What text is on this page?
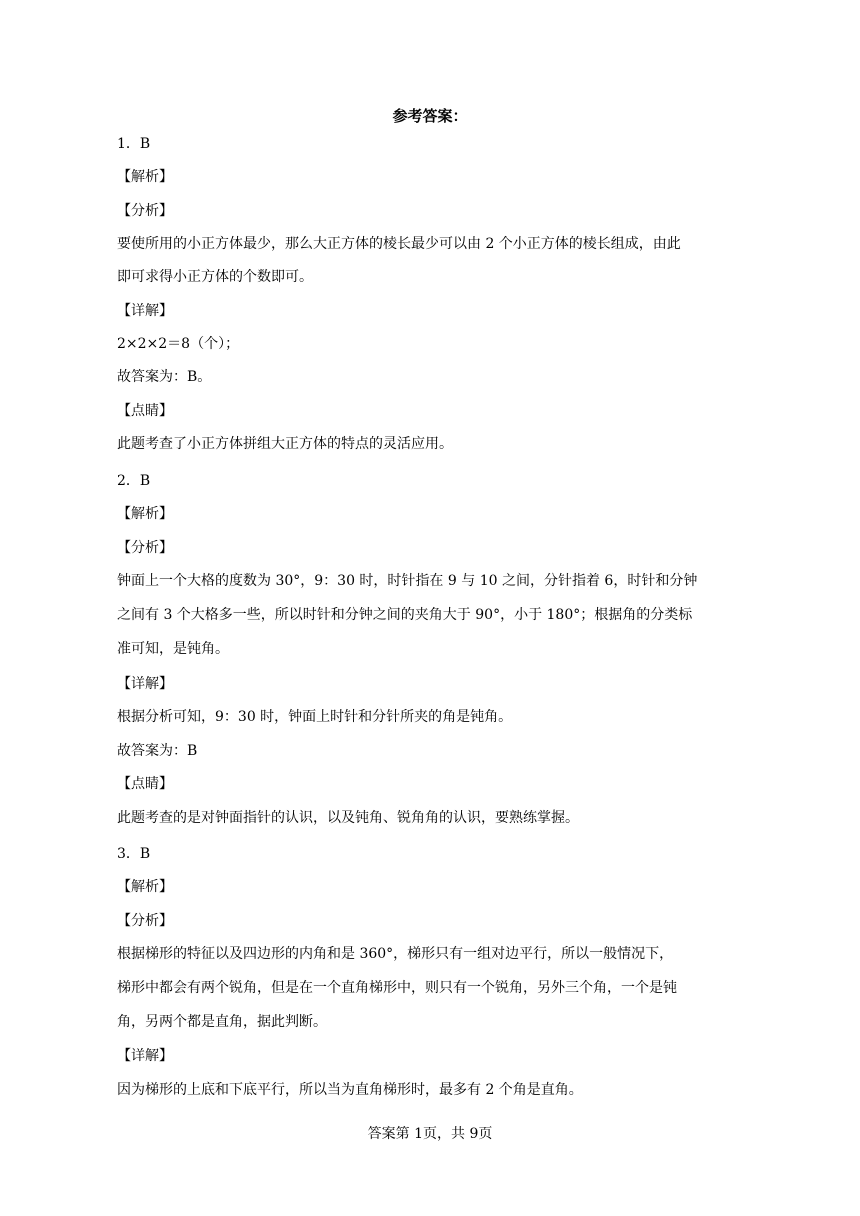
参考答案：
1．B
【解析】
【分析】
要使所用的小正方体最少，那么大正方体的棱长最少可以由 2 个小正方体的棱长组成，由此
即可求得小正方体的个数即可。
【详解】
2×2×2＝8（个）；
故答案为：B。
【点睛】
此题考查了小正方体拼组大正方体的特点的灵活应用。
2．B
【解析】
【分析】
钟面上一个大格的度数为 30°，9：30 时，时针指在 9 与 10 之间，分针指着 6，时针和分钟
之间有 3 个大格多一些，所以时针和分钟之间的夹角大于 90°，小于 180°；根据角的分类标
准可知，是钝角。
【详解】
根据分析可知，9：30 时，钟面上时针和分针所夹的角是钝角。
故答案为：B
【点睛】
此题考查的是对钟面指针的认识，以及钝角、锐角角的认识，要熟练掌握。
3．B
【解析】
【分析】
根据梯形的特征以及四边形的内角和是 360°，梯形只有一组对边平行，所以一般情况下，
梯形中都会有两个锐角，但是在一个直角梯形中，则只有一个锐角，另外三个角，一个是钝
角，另两个都是直角，据此判断。
【详解】
因为梯形的上底和下底平行，所以当为直角梯形时，最多有 2 个角是直角。
答案第 1页，共 9页
